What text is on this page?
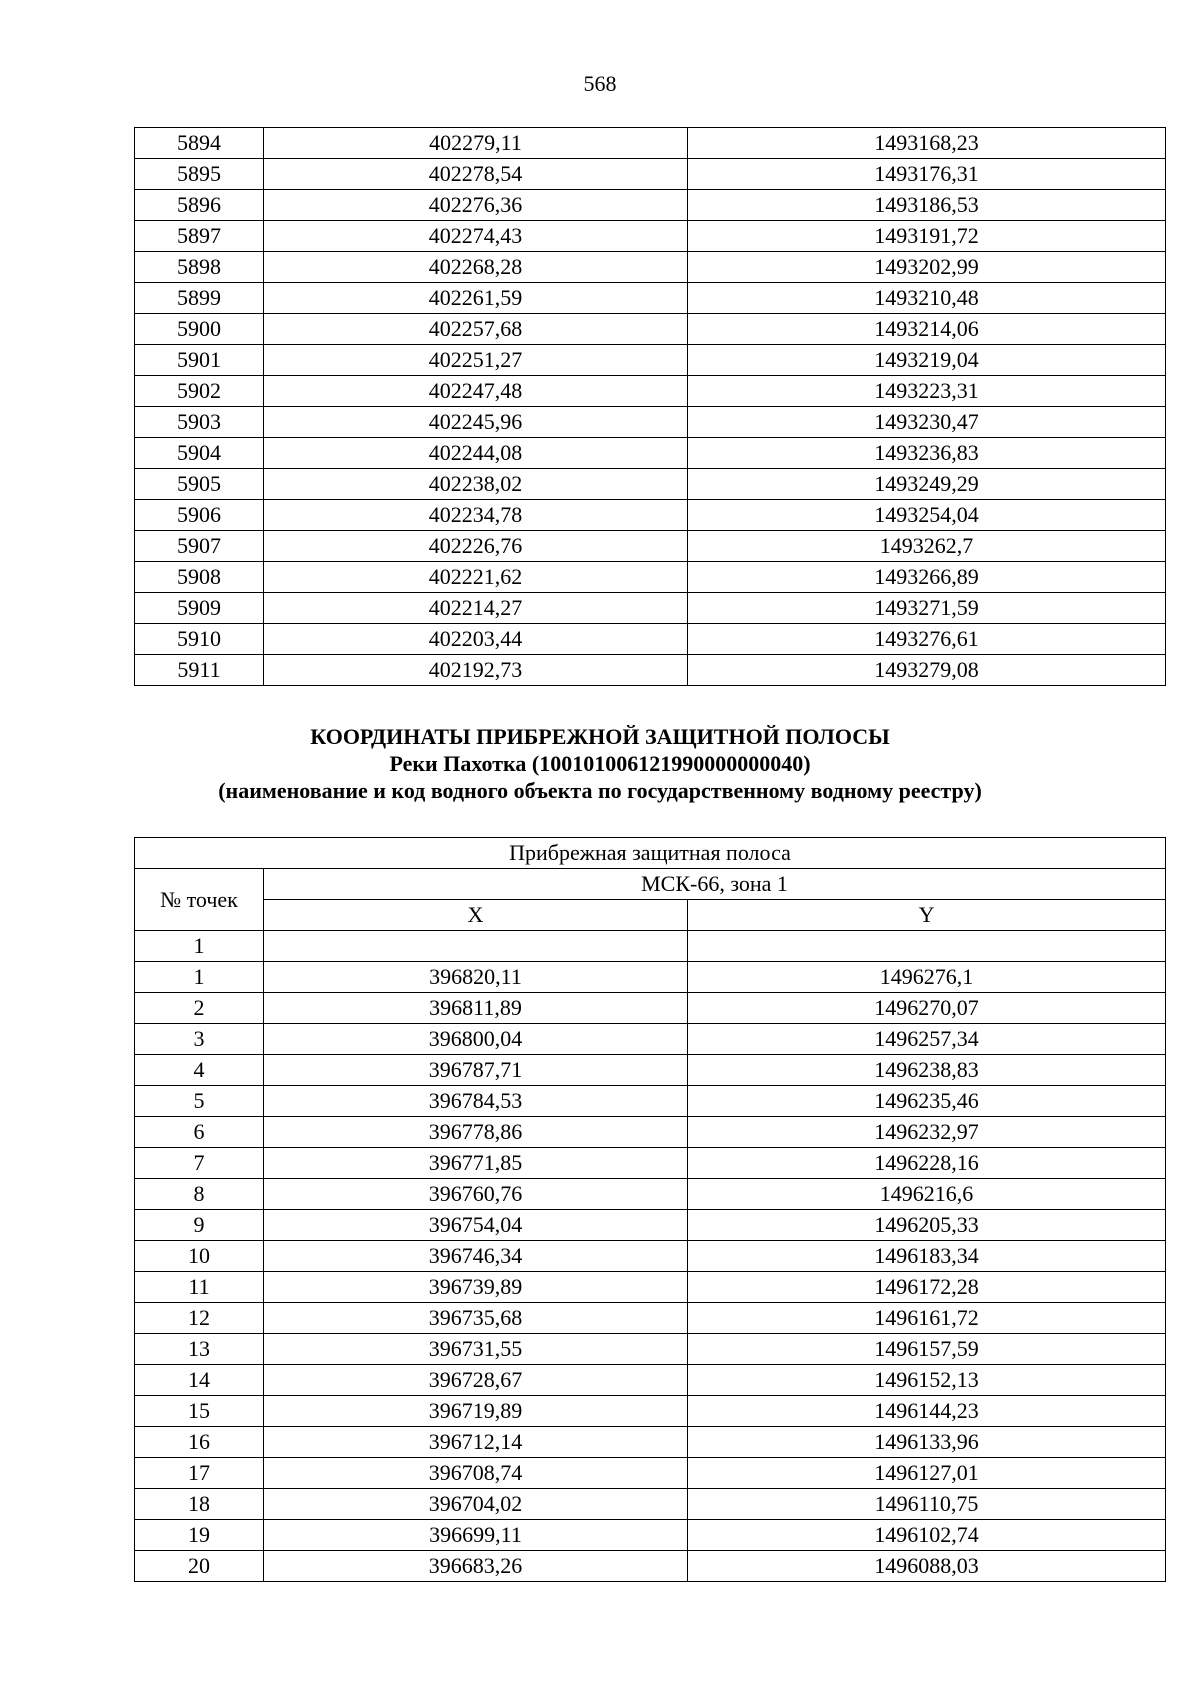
568
5894	402279,11	1493168,23
5895	402278,54	1493176,31
5896	402276,36	1493186,53
5897	402274,43	1493191,72
5898	402268,28	1493202,99
5899	402261,59	1493210,48
5900	402257,68	1493214,06
5901	402251,27	1493219,04
5902	402247,48	1493223,31
5903	402245,96	1493230,47
5904	402244,08	1493236,83
5905	402238,02	1493249,29
5906	402234,78	1493254,04
5907	402226,76	1493262,7
5908	402221,62	1493266,89
5909	402214,27	1493271,59
5910	402203,44	1493276,61
5911	402192,73	1493279,08
КООРДИНАТЫ ПРИБРЕЖНОЙ ЗАЩИТНОЙ ПОЛОСЫ
Реки Пахотка (100101006121990000000040)
(наименование и код водного объекта по государственному водному реестру)
Прибрежная защитная полоса		
№ точек	МСК-66, зона 1	
	X	Y
1		
1	396820,11	1496276,1
2	396811,89	1496270,07
3	396800,04	1496257,34
4	396787,71	1496238,83
5	396784,53	1496235,46
6	396778,86	1496232,97
7	396771,85	1496228,16
8	396760,76	1496216,6
9	396754,04	1496205,33
10	396746,34	1496183,34
11	396739,89	1496172,28
12	396735,68	1496161,72
13	396731,55	1496157,59
14	396728,67	1496152,13
15	396719,89	1496144,23
16	396712,14	1496133,96
17	396708,74	1496127,01
18	396704,02	1496110,75
19	396699,11	1496102,74
20	396683,26	1496088,03
